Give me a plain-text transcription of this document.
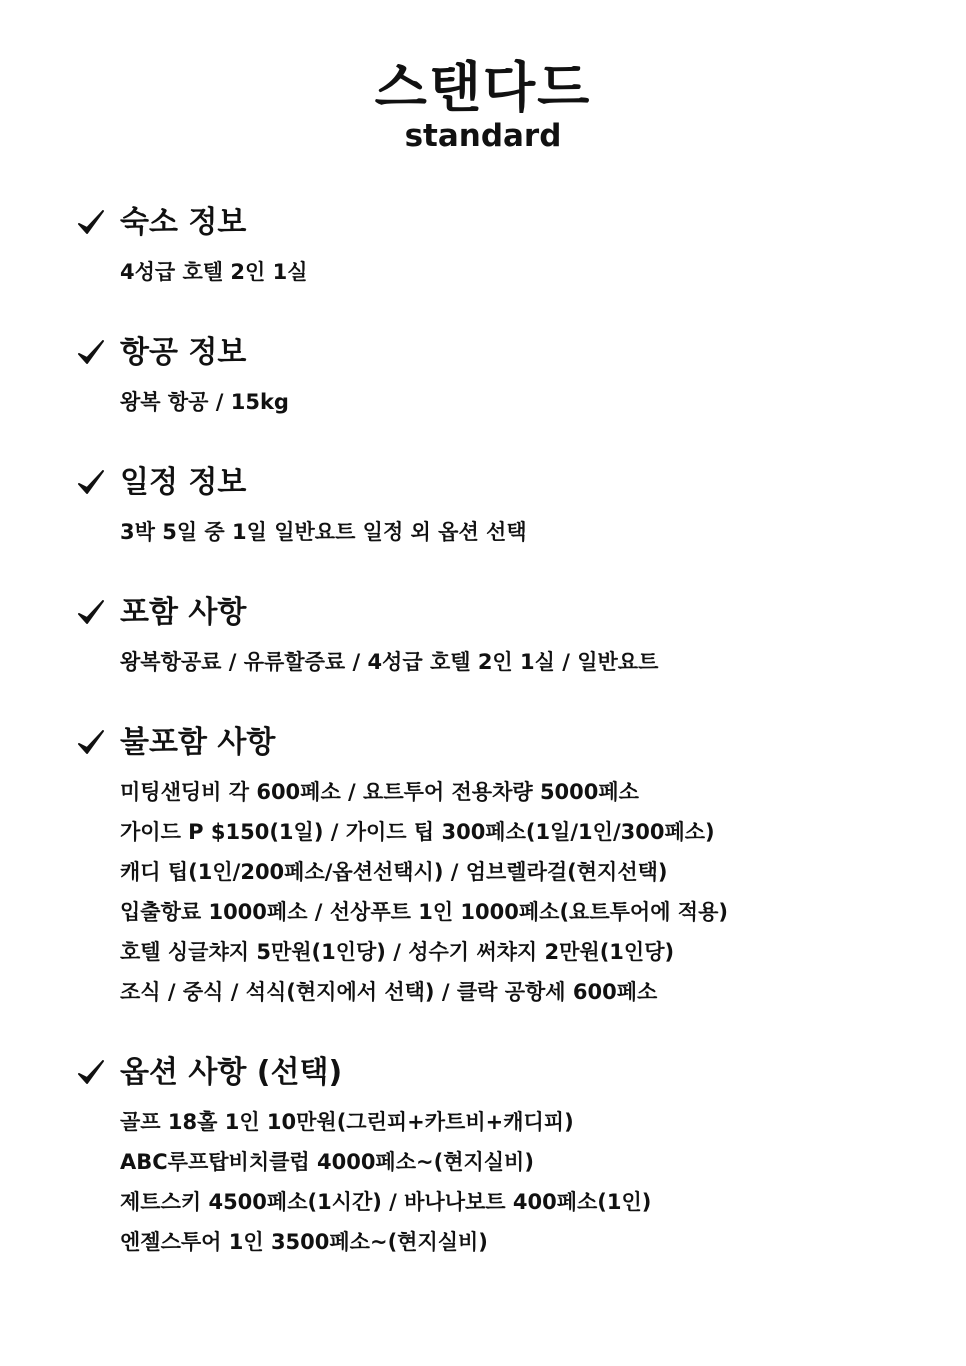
스탠다드
standard
숙소 정보
4성급 호텔 2인 1실
항공 정보
왕복 항공 / 15kg
일정 정보
3박 5일 중 1일 일반요트 일정 외 옵션 선택
포함 사항
왕복항공료 / 유류할증료 / 4성급 호텔 2인 1실 / 일반요트
불포함 사항
미팅샌딩비 각 600페소 / 요트투어 전용차량 5000페소
가이드 P $150(1일) / 가이드 팁 300페소(1일/1인/300페소)
캐디 팁(1인/200페소/옵션선택시) / 엄브렐라걸(현지선택)
입출항료 1000페소 / 선상푸트 1인 1000페소(요트투어에 적용)
호텔 싱글챠지 5만원(1인당) / 성수기 써챠지 2만원(1인당)
조식 / 중식 / 석식(현지에서 선택) / 클락 공항세 600페소
옵션 사항 (선택)
골프 18홀 1인 10만원(그린피+카트비+캐디피)
ABC루프탑비치클럽 4000페소~(현지실비)
제트스키 4500페소(1시간) / 바나나보트 400페소(1인)
엔젤스투어 1인 3500페소~(현지실비)
